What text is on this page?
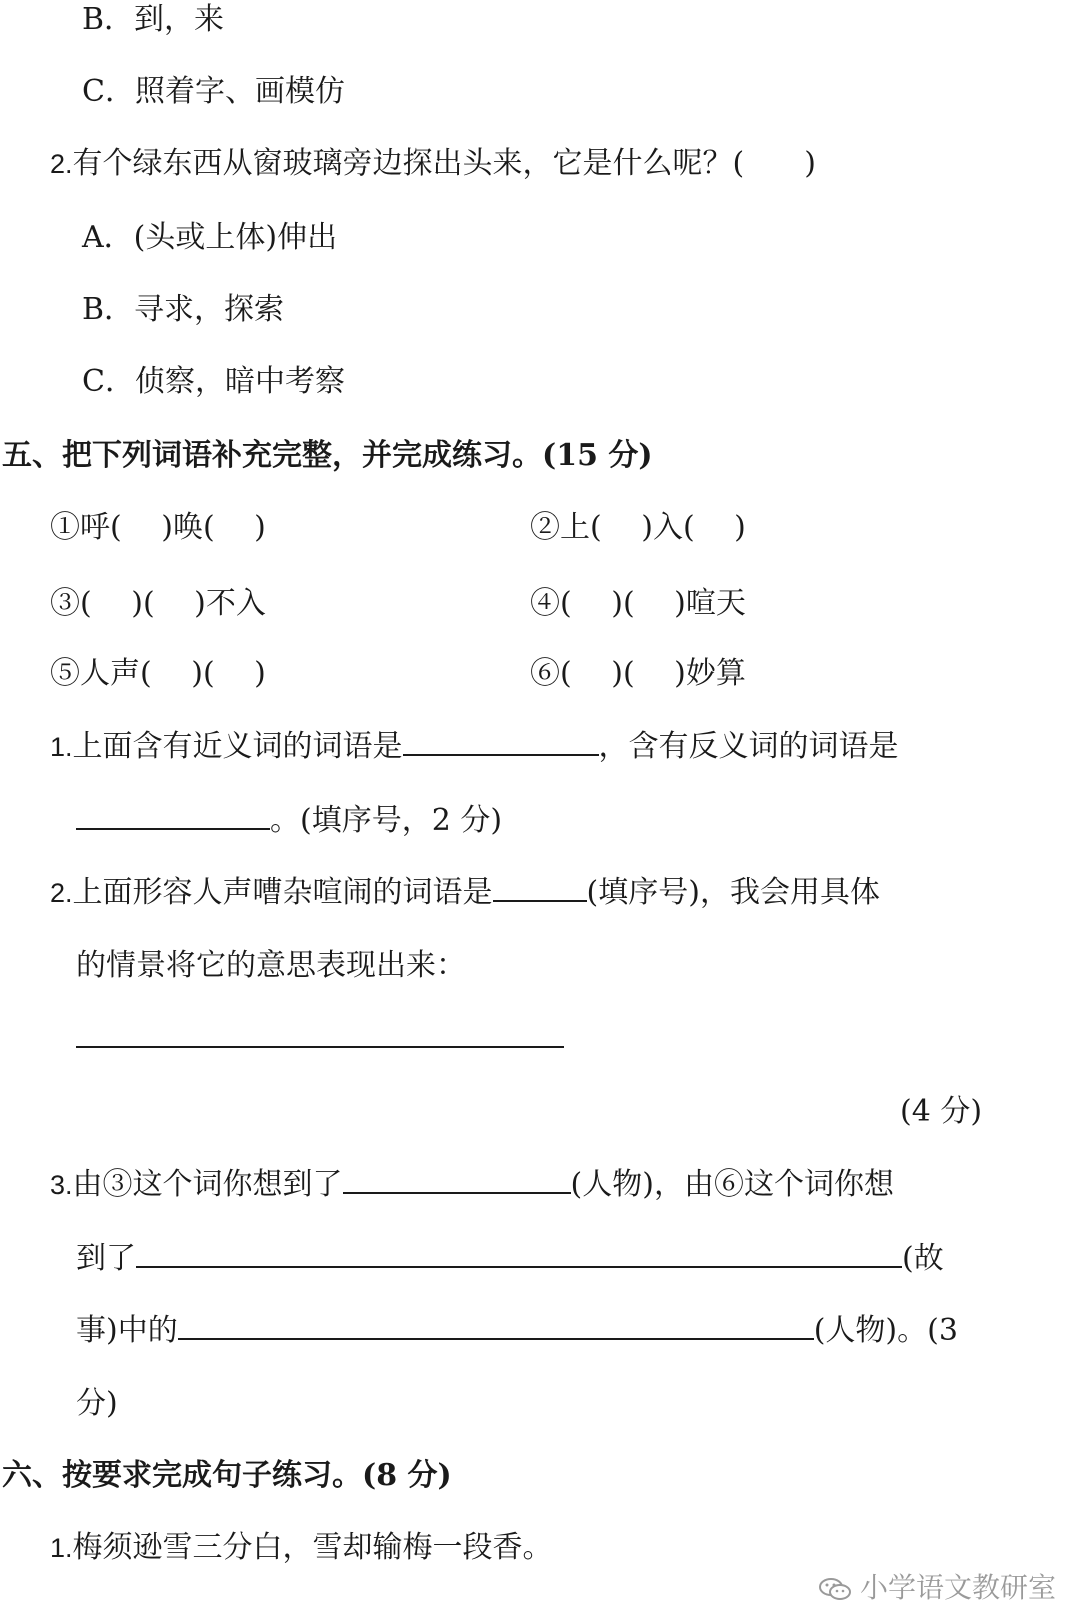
B．到，来
C．照着字、画模仿
2.有个绿东西从窗玻璃旁边探出头来，它是什么呢？(　　)
A．(头或上体)伸出
B．寻求，探索
C．侦察，暗中考察
五、把下列词语补充完整，并完成练习。(15 分)
①呼(　 )唤(　 )	②上(　 )入(　 )
③(　 )(　 )不入	④(　 )(　 )喧天
⑤人声(　 )(　 )	⑥(　 )(　 )妙算
1.上面含有近义词的词语是	，含有反义词的词语是
。(填序号，2 分)
2.上面形容人声嘈杂喧闹的词语是	(填序号)，我会用具体
的情景将它的意思表现出来：
(4 分)
3.由③这个词你想到了	(人物)，由⑥这个词你想
到了	(故
事)中的	(人物)。(3
分)
六、按要求完成句子练习。(8 分)
1.梅须逊雪三分白，雪却输梅一段香。
小学语文教研室
